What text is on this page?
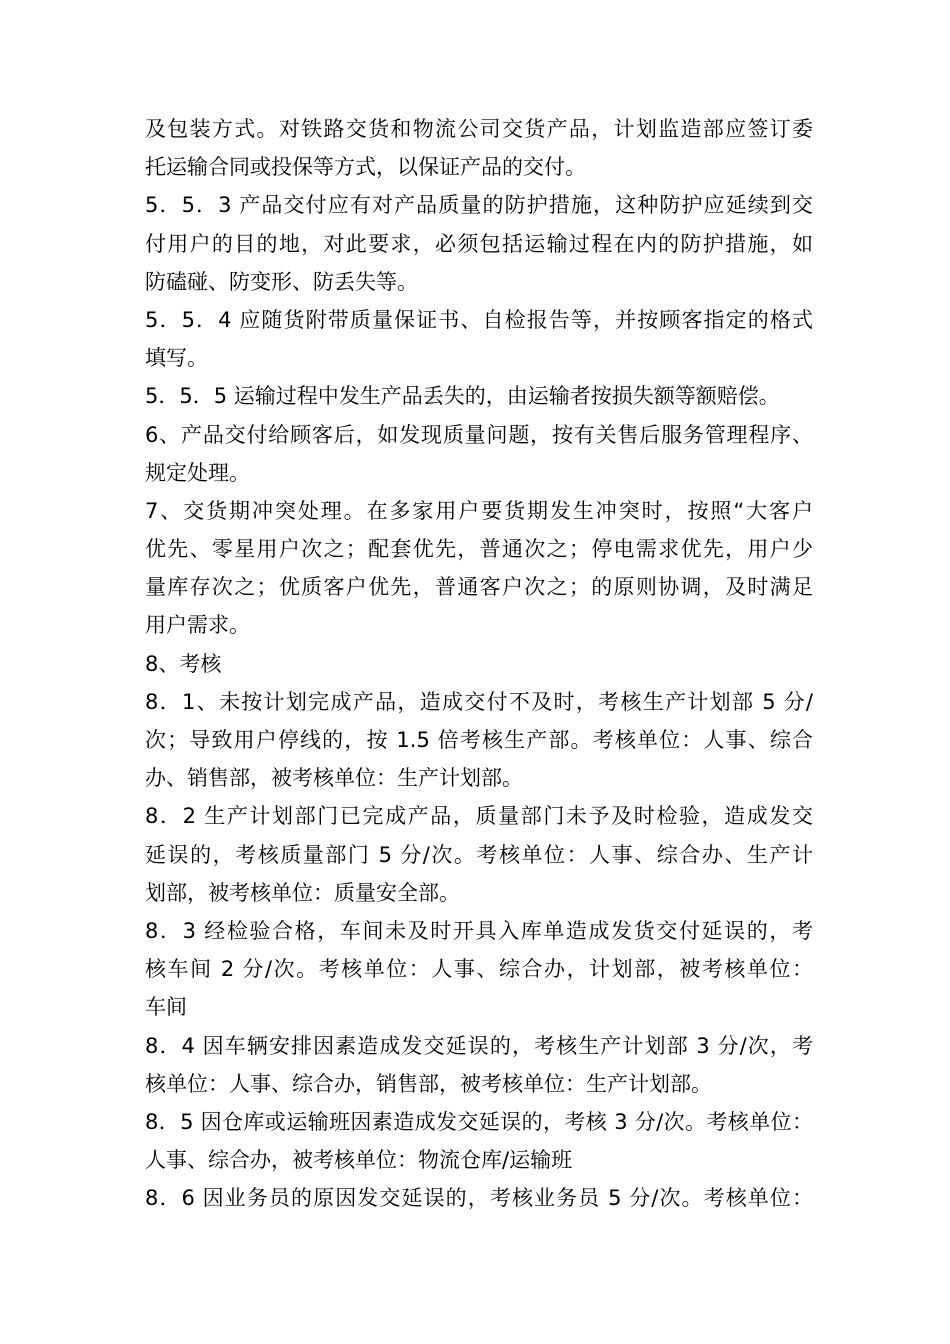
及包装方式。对铁路交货和物流公司交货产品，计划监造部应签订委
托运输合同或投保等方式，以保证产品的交付。
5．5．3 产品交付应有对产品质量的防护措施，这种防护应延续到交
付用户的目的地，对此要求，必须包括运输过程在内的防护措施，如
防磕碰、防变形、防丢失等。
5．5．4 应随货附带质量保证书、自检报告等，并按顾客指定的格式
填写。
5．5．5 运输过程中发生产品丢失的，由运输者按损失额等额赔偿。
6、产品交付给顾客后，如发现质量问题，按有关售后服务管理程序、
规定处理。
7、交货期冲突处理。在多家用户要货期发生冲突时，按照“大客户
优先、零星用户次之；配套优先，普通次之；停电需求优先，用户少
量库存次之；优质客户优先，普通客户次之；的原则协调，及时满足
用户需求。
8、考核
8．1、未按计划完成产品，造成交付不及时，考核生产计划部 5 分/
次；导致用户停线的，按 1.5 倍考核生产部。考核单位：人事、综合
办、销售部，被考核单位：生产计划部。
8．2 生产计划部门已完成产品，质量部门未予及时检验，造成发交
延误的，考核质量部门 5 分/次。考核单位：人事、综合办、生产计
划部，被考核单位：质量安全部。
8．3 经检验合格，车间未及时开具入库单造成发货交付延误的，考
核车间 2 分/次。考核单位：人事、综合办，计划部，被考核单位：
车间
8．4 因车辆安排因素造成发交延误的，考核生产计划部 3 分/次，考
核单位：人事、综合办，销售部，被考核单位：生产计划部。
8．5 因仓库或运输班因素造成发交延误的，考核 3 分/次。考核单位：
人事、综合办，被考核单位：物流仓库/运输班
8．6 因业务员的原因发交延误的，考核业务员 5 分/次。考核单位：
